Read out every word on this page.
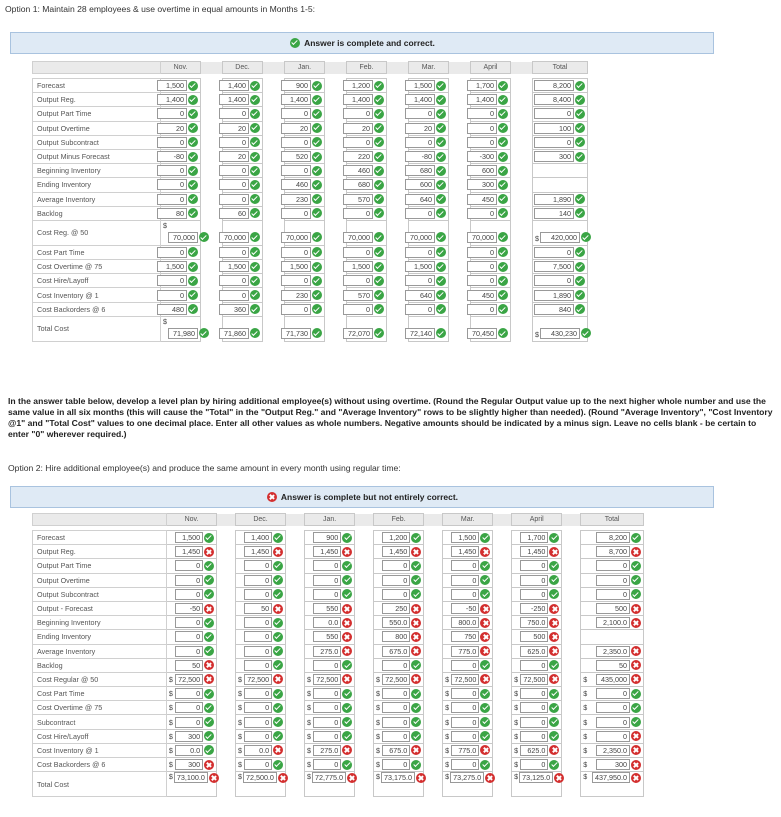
Option 1: Maintain 28 employees & use overtime in equal amounts in Months 1-5:
Answer is complete and correct.
	Nov.		Dec.		Jan.		Feb.		Mar.		April		Total

Forecast	1,500		1,400		900		1,200		1,500		1,700		8,200

Output Reg.	1,400		1,400		1,400		1,400		1,400		1,400		8,400

Output Part Time	0		0		0		0		0		0		0

Output Overtime	20		20		20		20		20		0		100

Output Subcontract	0		0		0		0		0		0		0

Output Minus Forecast	-80		20		520		220		-80		-300		300

Beginning Inventory	0		0		0		460		680		600		

Ending Inventory	0		0		460		680		600		300		

Average Inventory	0		0		230		570		640		450		1,890

Backlog	80		60		0		0		0		0		140

Cost Reg. @ 50	$
70,000		70,000		70,000		70,000		70,000		70,000		$ 420,000

Cost Part Time	0		0		0		0		0		0		0

Cost Overtime @ 75	1,500		1,500		1,500		1,500		1,500		0		7,500

Cost Hire/Layoff	0		0		0		0		0		0		0

Cost Inventory @ 1	0		0		230		570		640		450		1,890

Cost Backorders @ 6	480		360		0		0		0		0		840

Total Cost	$
71,980		71,860		71,730		72,070		72,140		70,450		$ 430,230
In the answer table below, develop a level plan by hiring additional employee(s) without using overtime. (Round the Regular Output value up to the next higher whole number and use the same value in all six months (this will cause the "Total" in the "Output Reg." and "Average Inventory" rows to be slightly higher than needed). (Round "Average Inventory", "Cost Inventory @1" and "Total Cost" values to one decimal place. Enter all other values as whole numbers. Negative amounts should be indicated by a minus sign. Leave no cells blank - be certain to enter "0" wherever required.)
Option 2: Hire additional employee(s) and produce the same amount in every month using regular time:
Answer is complete but not entirely correct.
	Nov.		Dec.		Jan.		Feb.		Mar.		April		Total

Forecast	1,500		1,400		900		1,200		1,500		1,700		8,200

Output Reg.	1,450		1,450		1,450		1,450		1,450		1,450		8,700

Output Part Time	0		0		0		0		0		0		0

Output Overtime	0		0		0		0		0		0		0

Output Subcontract	0		0		0		0		0		0		0

Output - Forecast	-50		50		550		250		-50		-250		500

Beginning Inventory	0		0		0.0		550.0		800.0		750.0		2,100.0

Ending Inventory	0		0		550		800		750		500		

Average Inventory	0		0		275.0		675.0		775.0		625.0		2,350.0

Backlog	50		0		0		0		0		0		50

Cost Regular @ 50	$ 72,500		$ 72,500		$ 72,500		$ 72,500		$ 72,500		$ 72,500		$ 435,000

Cost Part Time	$ 0		$ 0		$ 0		$ 0		$ 0		$ 0		$ 0

Cost Overtime @ 75	$ 0		$ 0		$ 0		$ 0		$ 0		$ 0		$ 0

Subcontract	$ 0		$ 0		$ 0		$ 0		$ 0		$ 0		$ 0

Cost Hire/Layoff	$ 300		$ 0		$ 0		$ 0		$ 0		$ 0		$ 0

Cost Inventory @ 1	$ 0.0		$ 0.0		$ 275.0		$ 675.0		$ 775.0		$ 625.0		$ 2,350.0

Cost Backorders @ 6	$ 300		$ 0		$ 0		$ 0		$ 0		$ 0		$ 300

Total Cost	$ 73,100.0		$ 72,500.0		$ 72,775.0		$ 73,175.0		$ 73,275.0		$ 73,125.0		$ 437,950.0
